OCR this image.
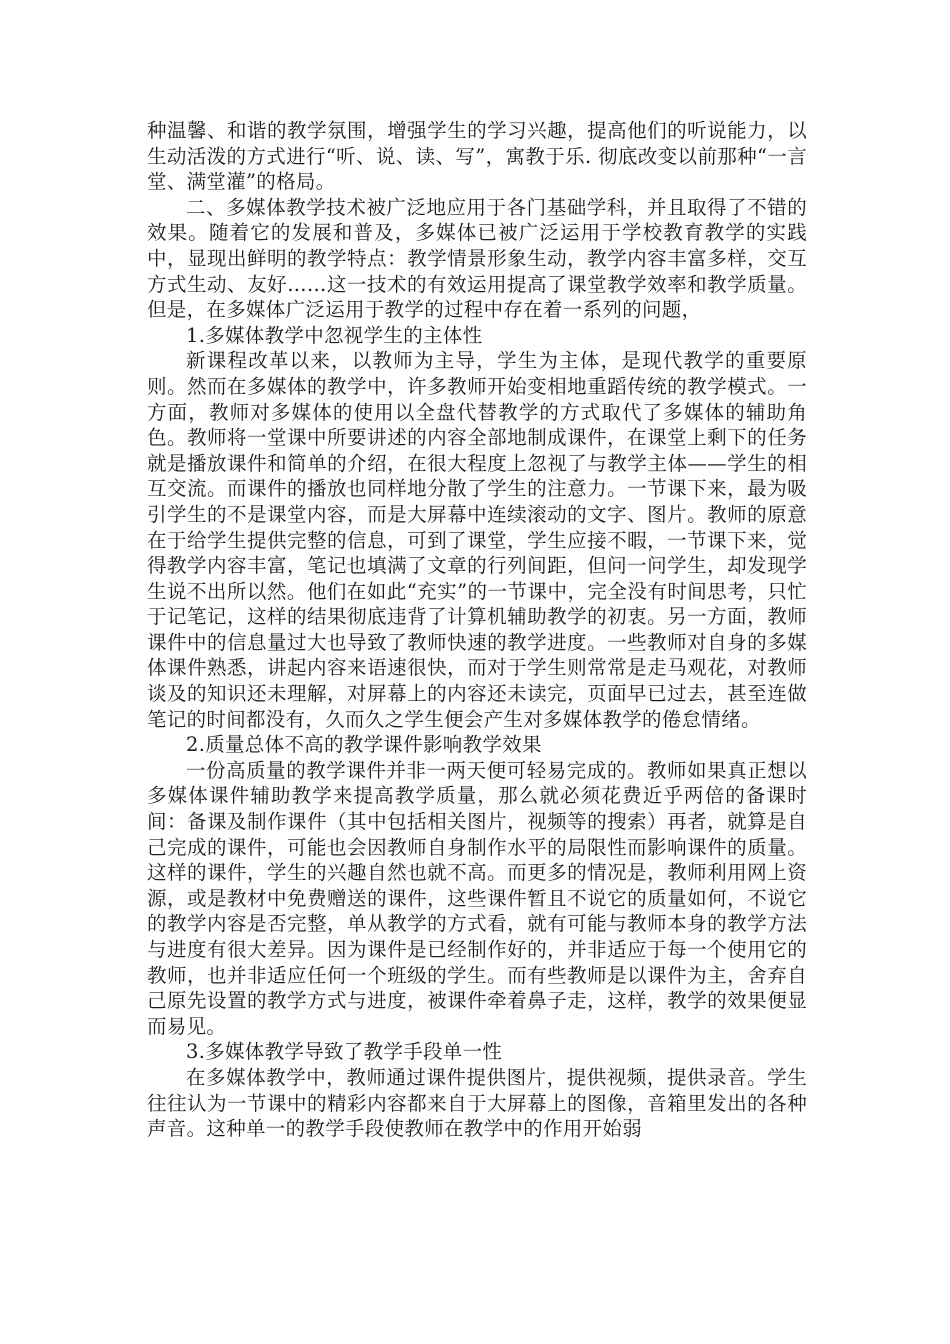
种温馨、和谐的教学氛围，增强学生的学习兴趣，提高他们的听说能力，以生动活泼的方式进行“听、说、读、写”，寓教于乐. 彻底改变以前那种“一言堂、满堂灌”的格局。

二、多媒体教学技术被广泛地应用于各门基础学科，并且取得了不错的效果。随着它的发展和普及，多媒体已被广泛运用于学校教育教学的实践中，显现出鲜明的教学特点：教学情景形象生动，教学内容丰富多样，交互方式生动、友好……这一技术的有效运用提高了课堂教学效率和教学质量。但是，在多媒体广泛运用于教学的过程中存在着一系列的问题，

1.多媒体教学中忽视学生的主体性

新课程改革以来，以教师为主导，学生为主体，是现代教学的重要原则。然而在多媒体的教学中，许多教师开始变相地重蹈传统的教学模式。一方面，教师对多媒体的使用以全盘代替教学的方式取代了多媒体的辅助角色。教师将一堂课中所要讲述的内容全部地制成课件，在课堂上剩下的任务就是播放课件和简单的介绍，在很大程度上忽视了与教学主体——学生的相互交流。而课件的播放也同样地分散了学生的注意力。一节课下来，最为吸引学生的不是课堂内容，而是大屏幕中连续滚动的文字、图片。教师的原意在于给学生提供完整的信息，可到了课堂，学生应接不暇，一节课下来，觉得教学内容丰富，笔记也填满了文章的行列间距，但问一问学生，却发现学生说不出所以然。他们在如此“充实”的一节课中，完全没有时间思考，只忙于记笔记，这样的结果彻底违背了计算机辅助教学的初衷。另一方面，教师课件中的信息量过大也导致了教师快速的教学进度。一些教师对自身的多媒体课件熟悉，讲起内容来语速很快，而对于学生则常常是走马观花，对教师谈及的知识还未理解，对屏幕上的内容还未读完，页面早已过去，甚至连做笔记的时间都没有，久而久之学生便会产生对多媒体教学的倦怠情绪。

2.质量总体不高的教学课件影响教学效果

一份高质量的教学课件并非一两天便可轻易完成的。教师如果真正想以多媒体课件辅助教学来提高教学质量，那么就必须花费近乎两倍的备课时间：备课及制作课件（其中包括相关图片，视频等的搜索）再者，就算是自己完成的课件，可能也会因教师自身制作水平的局限性而影响课件的质量。这样的课件，学生的兴趣自然也就不高。而更多的情况是，教师利用网上资源，或是教材中免费赠送的课件，这些课件暂且不说它的质量如何，不说它的教学内容是否完整，单从教学的方式看，就有可能与教师本身的教学方法与进度有很大差异。因为课件是已经制作好的，并非适应于每一个使用它的教师，也并非适应任何一个班级的学生。而有些教师是以课件为主，舍弃自己原先设置的教学方式与进度，被课件牵着鼻子走，这样，教学的效果便显而易见。

3.多媒体教学导致了教学手段单一性

在多媒体教学中，教师通过课件提供图片，提供视频，提供录音。学生往往认为一节课中的精彩内容都来自于大屏幕上的图像，音箱里发出的各种声音。这种单一的教学手段使教师在教学中的作用开始弱
